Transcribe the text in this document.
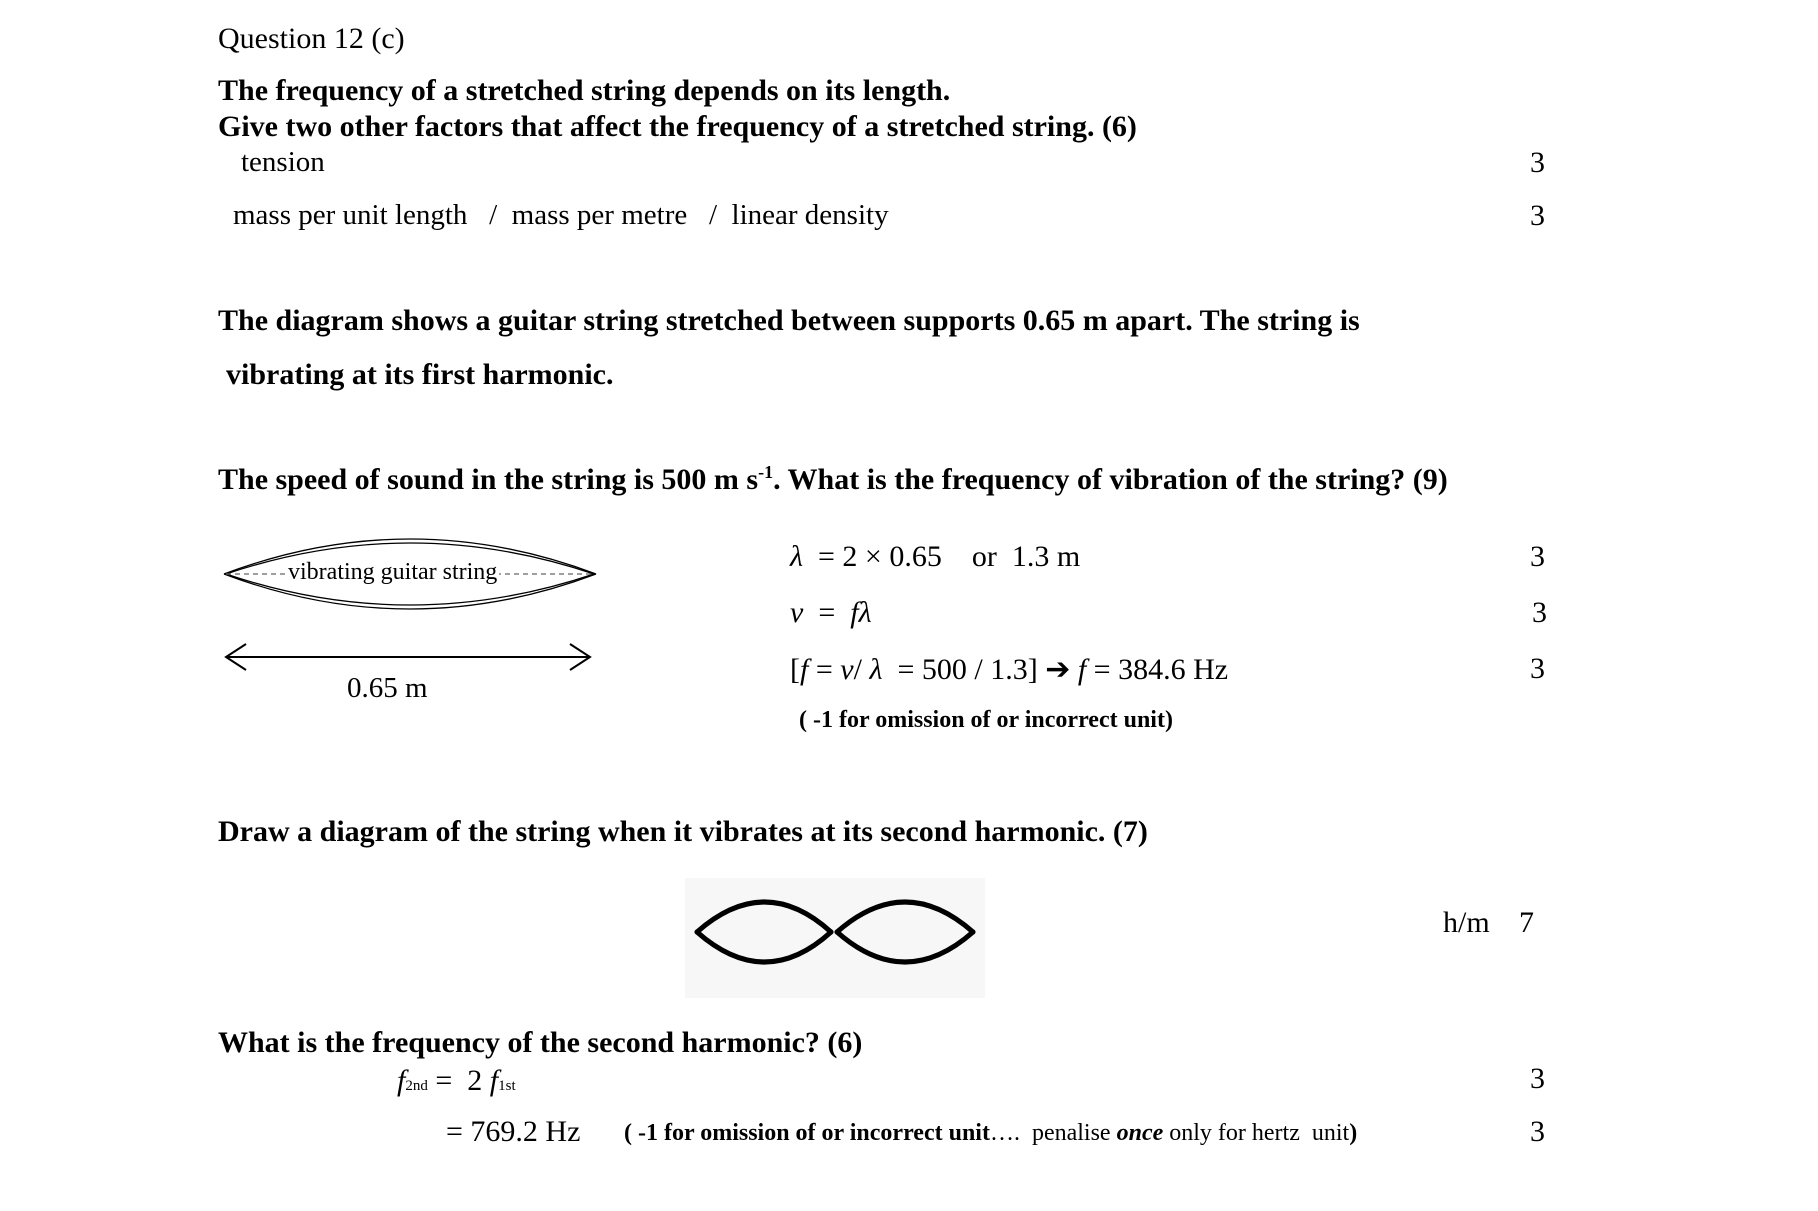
Question 12 (c)
The frequency of a stretched string depends on its length.
Give two other factors that affect the frequency of a stretched string. (6)
tension	3
mass per unit length   /  mass per metre   /  linear density	3
The diagram shows a guitar string stretched between supports 0.65 m apart. The string is
vibrating at its first harmonic.
The speed of sound in the string is 500 m $s^{-1}$. What is the frequency of vibration of the string? (9)
vibrating guitar string
0.65 m
λ  = 2 × 0.65    or  1.3 m	3
v  =  fλ	3
[f = v/ λ  = 500 / 1.3] ➔ f = 384.6 Hz	3
( -1 for omission of or incorrect unit)
Draw a diagram of the string when it vibrates at its second harmonic. (7)
h/m 7
What is the frequency of the second harmonic? (6)
f2nd =  2 f1st	3
= 769.2 Hz ( -1 for omission of or incorrect unit….  penalise once only for hertz  unit)	3
